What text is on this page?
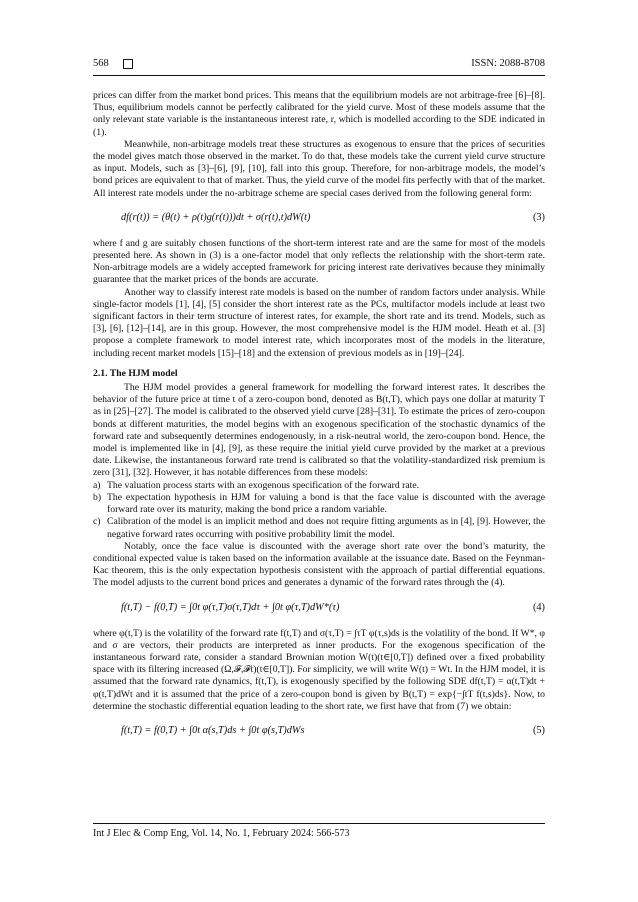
568	ISSN: 2088-8708

prices can differ from the market bond prices. This means that the equilibrium models are not arbitrage-free [6]–[8]. Thus, equilibrium models cannot be perfectly calibrated for the yield curve. Most of these models assume that the only relevant state variable is the instantaneous interest rate, r, which is modelled according to the SDE indicated in (1).

Meanwhile, non-arbitrage models treat these structures as exogenous to ensure that the prices of securities the model gives match those observed in the market. To do that, these models take the current yield curve structure as input. Models, such as [3]–[6], [9], [10], fall into this group. Therefore, for non-arbitrage models, the model’s bond prices are equivalent to that of market. Thus, the yield curve of the model fits perfectly with that of the market. All interest rate models under the no-arbitrage scheme are special cases derived from the following general form:

df(r(t)) = (θ(t) + ρ(t)g(r(t)))dt + σ(r(t),t)dW(t)	(3)

where f and g are suitably chosen functions of the short-term interest rate and are the same for most of the models presented here. As shown in (3) is a one-factor model that only reflects the relationship with the short-term rate. Non-arbitrage models are a widely accepted framework for pricing interest rate derivatives because they minimally guarantee that the market prices of the bonds are accurate.

Another way to classify interest rate models is based on the number of random factors under analysis. While single-factor models [1], [4], [5] consider the short interest rate as the PCs, multifactor models include at least two significant factors in their term structure of interest rates, for example, the short rate and its trend. Models, such as [3], [6], [12]–[14], are in this group. However, the most comprehensive model is the HJM model. Heath et al. [3] propose a complete framework to model interest rate, which incorporates most of the models in the literature, including recent market models [15]–[18] and the extension of previous models as in [19]–[24].

2.1. The HJM model

The HJM model provides a general framework for modelling the forward interest rates. It describes the behavior of the future price at time t of a zero-coupon bond, denoted as B(t,T), which pays one dollar at maturity T as in [25]–[27]. The model is calibrated to the observed yield curve [28]–[31]. To estimate the prices of zero-coupon bonds at different maturities, the model begins with an exogenous specification of the stochastic dynamics of the forward rate and subsequently determines endogenously, in a risk-neutral world, the zero-coupon bond. Hence, the model is implemented like in [4], [9], as these require the initial yield curve provided by the market at a previous date. Likewise, the instantaneous forward rate trend is calibrated so that the volatility-standardized risk premium is zero [31], [32]. However, it has notable differences from these models:

a) The valuation process starts with an exogenous specification of the forward rate.
b) The expectation hypothesis in HJM for valuing a bond is that the face value is discounted with the average forward rate over its maturity, making the bond price a random variable.
c) Calibration of the model is an implicit method and does not require fitting arguments as in [4], [9]. However, the negative forward rates occurring with positive probability limit the model.

Notably, once the face value is discounted with the average short rate over the bond’s maturity, the conditional expected value is taken based on the information available at the issuance date. Based on the Feynman-Kac theorem, this is the only expectation hypothesis consistent with the approach of partial differential equations. The model adjusts to the current bond prices and generates a dynamic of the forward rates through the (4).

f(t,T) − f(0,T) = ∫0t φ(τ,T)σ(τ,T)dτ + ∫0t φ(τ,T)dW*(τ)	(4)

where φ(t,T) is the volatility of the forward rate f(t,T) and σ(τ,T) = ∫τT φ(τ,s)ds is the volatility of the bond. If W*, φ and σ are vectors, their products are interpreted as inner products. For the exogenous specification of the instantaneous forward rate, consider a standard Brownian motion W(t)(t∈[0,T]) defined over a fixed probability space with its filtering increased (Ω,𝓕,𝓕t)(t∈[0,T]). For simplicity, we will write W(t) = Wt. In the HJM model, it is assumed that the forward rate dynamics, f(t,T), is exogenously specified by the following SDE df(t,T) = α(t,T)dt + φ(t,T)dWt and it is assumed that the price of a zero-coupon bond is given by B(t,T) = exp{−∫tT f(t,s)ds}. Now, to determine the stochastic differential equation leading to the short rate, we first have that from (7) we obtain:

f(t,T) = f(0,T) + ∫0t α(s,T)ds + ∫0t φ(s,T)dWs	(5)
Int J Elec & Comp Eng, Vol. 14, No. 1, February 2024: 566-573
